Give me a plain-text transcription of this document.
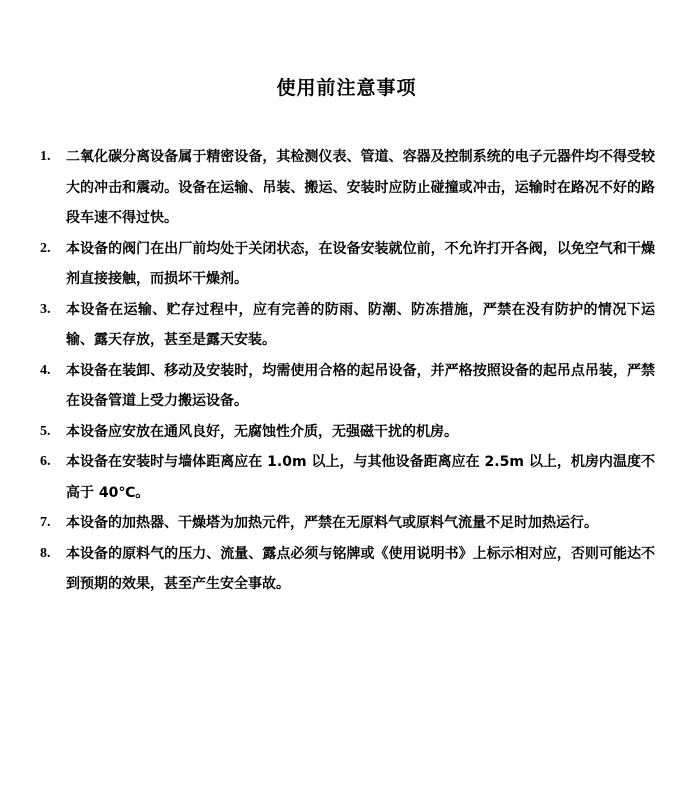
使用前注意事项
1. 二氧化碳分离设备属于精密设备，其检测仪表、管道、容器及控制系统的电子元器件均不得受较大的冲击和震动。设备在运输、吊装、搬运、安装时应防止碰撞或冲击，运输时在路况不好的路段车速不得过快。
2. 本设备的阀门在出厂前均处于关闭状态，在设备安装就位前，不允许打开各阀，以免空气和干燥剂直接接触，而损坏干燥剂。
3. 本设备在运输、贮存过程中，应有完善的防雨、防潮、防冻措施，严禁在没有防护的情况下运输、露天存放，甚至是露天安装。
4. 本设备在装卸、移动及安装时，均需使用合格的起吊设备，并严格按照设备的起吊点吊装，严禁在设备管道上受力搬运设备。
5. 本设备应安放在通风良好，无腐蚀性介质，无强磁干扰的机房。
6. 本设备在安装时与墙体距离应在 1.0m 以上，与其他设备距离应在 2.5m 以上，机房内温度不高于 40℃。
7. 本设备的加热器、干燥塔为加热元件，严禁在无原料气或原料气流量不足时加热运行。
8. 本设备的原料气的压力、流量、露点必须与铭牌或《使用说明书》上标示相对应，否则可能达不到预期的效果，甚至产生安全事故。
